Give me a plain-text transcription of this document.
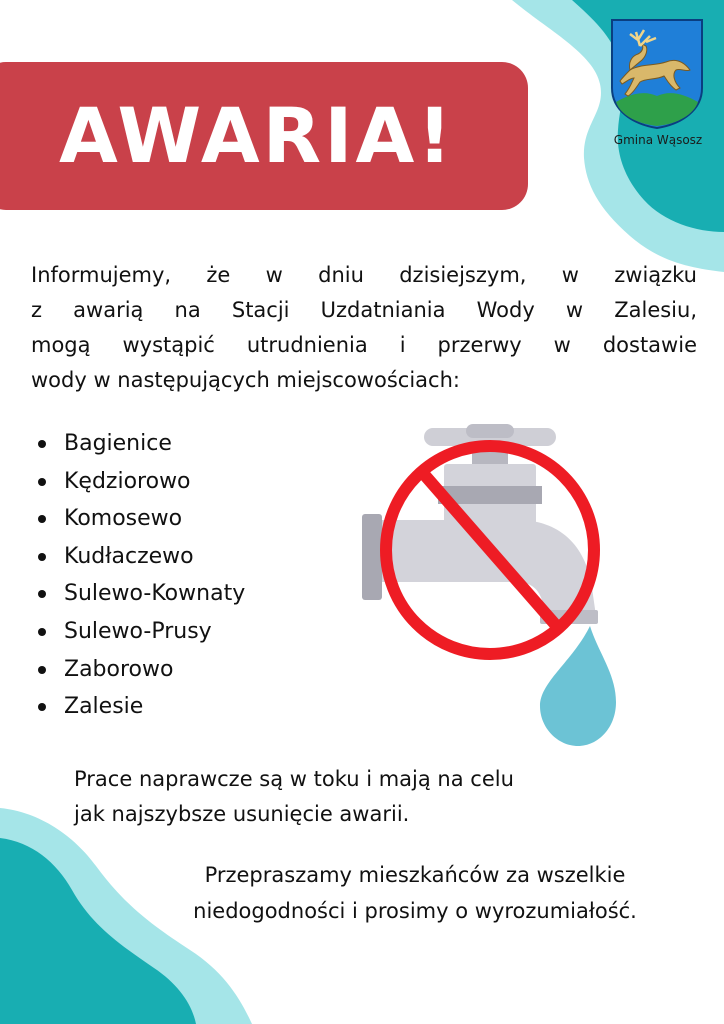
AWARIA!	Gmina Wąsosz
Informujemy, że w dniu dzisiejszym, w związku
z awarią na Stacji Uzdatniania Wody w Zalesiu,
mogą wystąpić utrudnienia i przerwy w dostawie
wody w następujących miejscowościach:
Bagienice
Kędziorowo
Komosewo
Kudłaczewo
Sulewo-Kownaty
Sulewo-Prusy
Zaborowo
Zalesie
Prace naprawcze są w toku i mają na celu
jak najszybsze usunięcie awarii.
Przepraszamy mieszkańców za wszelkie
niedogodności i prosimy o wyrozumiałość.
